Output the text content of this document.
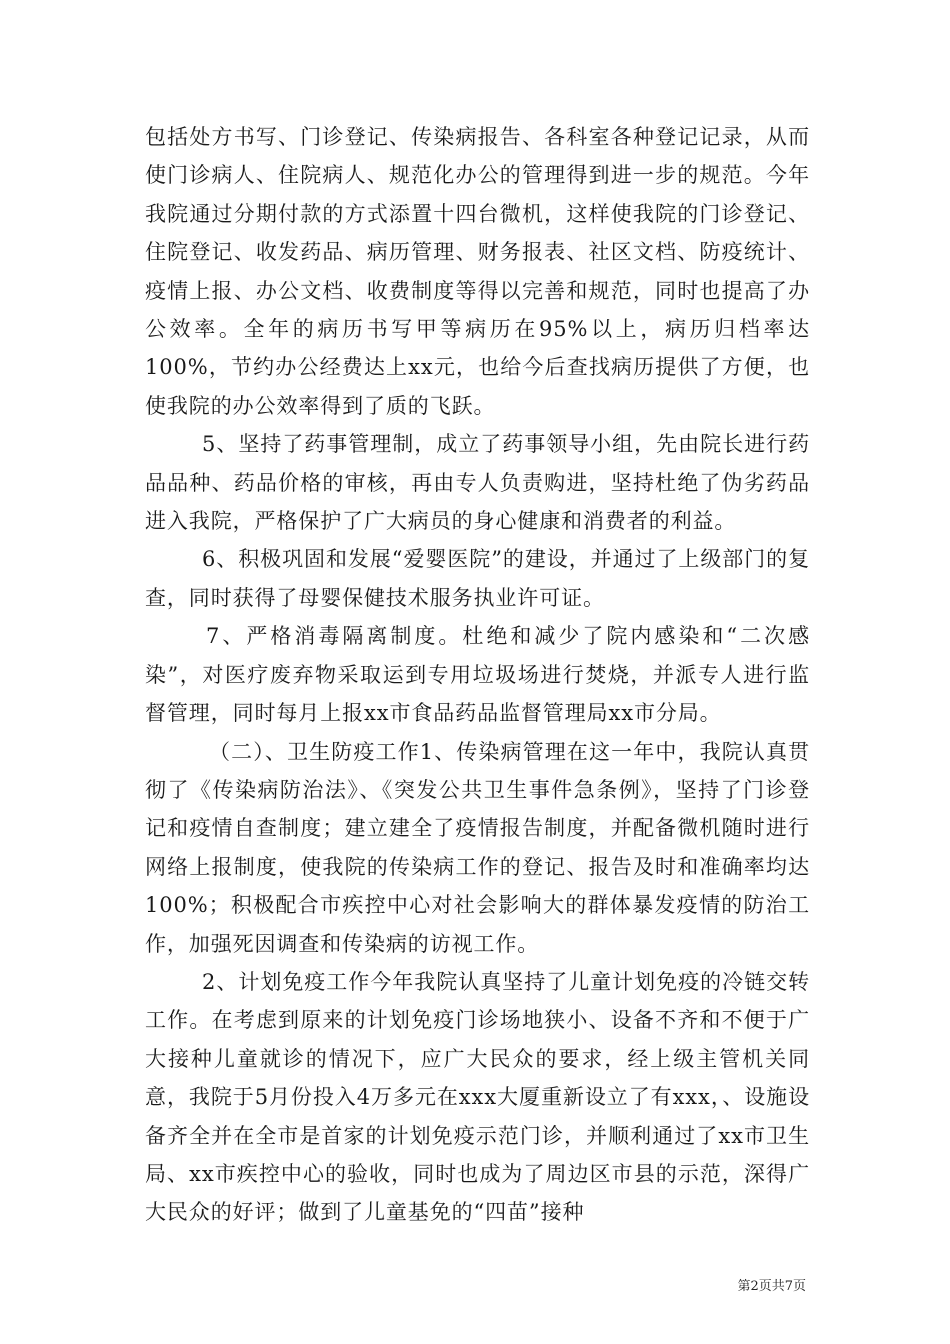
包括处方书写、门诊登记、传染病报告、各科室各种登记记录，从而使门诊病人、住院病人、规范化办公的管理得到进一步的规范。今年我院通过分期付款的方式添置十四台微机，这样使我院的门诊登记、住院登记、收发药品、病历管理、财务报表、社区文档、防疫统计、疫情上报、办公文档、收费制度等得以完善和规范，同时也提高了办公效率。全年的病历书写甲等病历在95%以上，病历归档率达100%，节约办公经费达上xx元，也给今后查找病历提供了方便，也使我院的办公效率得到了质的飞跃。

5、坚持了药事管理制，成立了药事领导小组，先由院长进行药品品种、药品价格的审核，再由专人负责购进，坚持杜绝了伪劣药品进入我院，严格保护了广大病员的身心健康和消费者的利益。

6、积极巩固和发展“爱婴医院”的建设，并通过了上级部门的复查，同时获得了母婴保健技术服务执业许可证。

7、严格消毒隔离制度。杜绝和减少了院内感染和“二次感染”，对医疗废弃物采取运到专用垃圾场进行焚烧，并派专人进行监督管理，同时每月上报xx市食品药品监督管理局xx市分局。

（二）、卫生防疫工作1、传染病管理在这一年中，我院认真贯彻了《传染病防治法》、《突发公共卫生事件急条例》，坚持了门诊登记和疫情自查制度；建立建全了疫情报告制度，并配备微机随时进行网络上报制度，使我院的传染病工作的登记、报告及时和准确率均达100%；积极配合市疾控中心对社会影响大的群体暴发疫情的防治工作，加强死因调查和传染病的访视工作。

2、计划免疫工作今年我院认真坚持了儿童计划免疫的冷链交转工作。在考虑到原来的计划免疫门诊场地狭小、设备不齐和不便于广大接种儿童就诊的情况下，应广大民众的要求，经上级主管机关同意，我院于5月份投入4万多元在xxx大厦重新设立了有xxx，、设施设备齐全并在全市是首家的计划免疫示范门诊，并顺利通过了xx市卫生局、xx市疾控中心的验收，同时也成为了周边区市县的示范，深得广大民众的好评；做到了儿童基免的“四苗”接种

第2页共7页
